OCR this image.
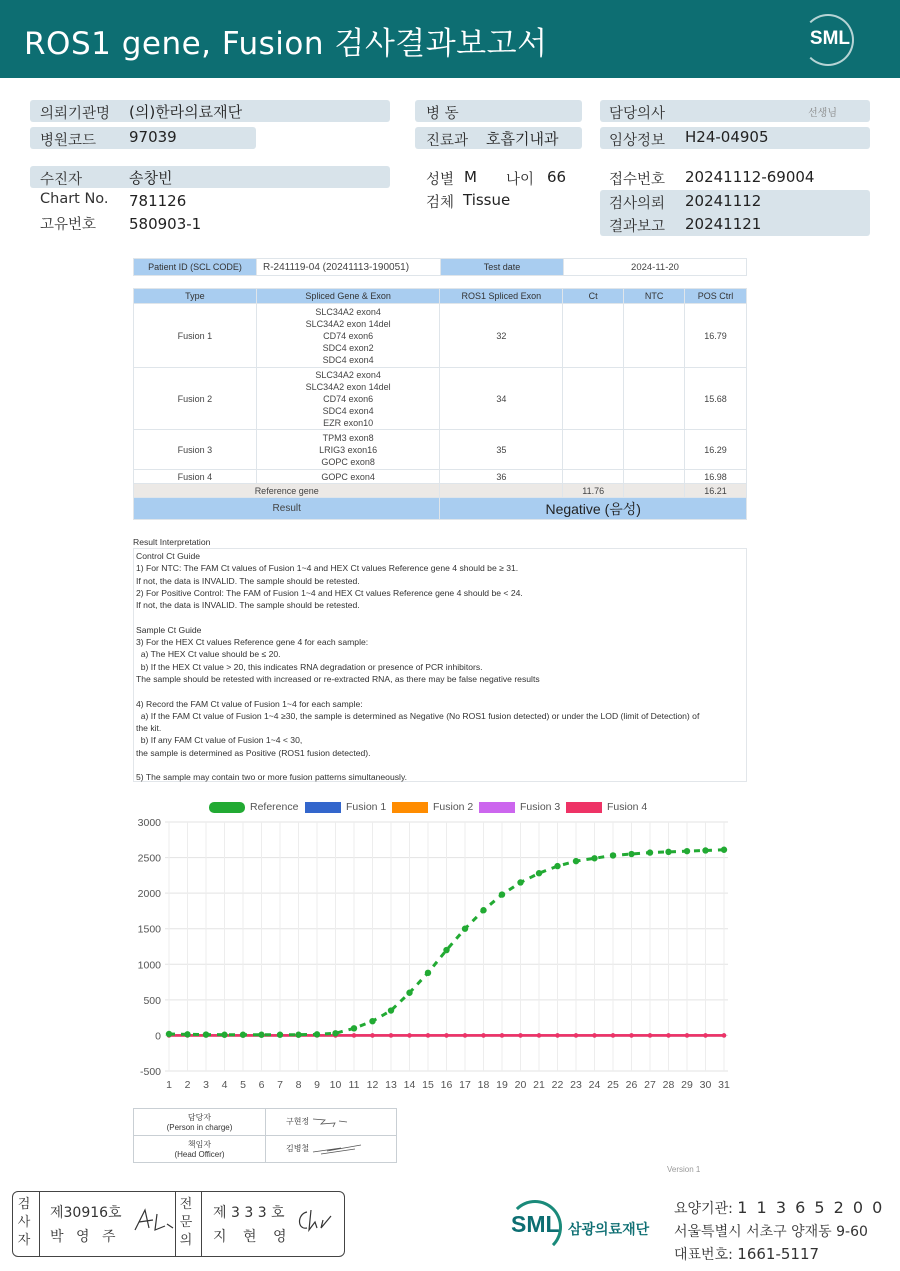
ROS1 gene, Fusion 검사결과보고서	SML
의뢰기관명 (의)한라의료재단
병원코드 97039
병 동
진료과 호흡기내과
담당의사	선생님
임상정보 H24-04905
수진자	송창빈
Chart No. 781126
고유번호 580903-1
성별 M 나이 66
검체 Tissue
접수번호 20241112-69004
검사의뢰 20241112
결과보고 20241121
Patient ID (SCL CODE)	R-241119-04 (20241113-190051)	Test date	2024-11-20
Type	Spliced Gene & Exon	ROS1 Spliced Exon	Ct	NTC	POS Ctrl
Fusion 1	SLC34A2 exon4
SLC34A2 exon 14del
CD74 exon6
SDC4 exon2
SDC4 exon4	32			16.79
Fusion 2	SLC34A2 exon4
SLC34A2 exon 14del
CD74 exon6
SDC4 exon4
EZR exon10	34			15.68
Fusion 3	TPM3 exon8
LRIG3 exon16
GOPC exon8	35			16.29
Fusion 4	GOPC exon4	36			16.98
Reference gene			11.76		16.21
Result		Negative (음성)			
Result Interpretation

Control Ct Guide
1) For NTC: The FAM Ct values of Fusion 1~4 and HEX Ct values Reference gene 4 should be ≥ 31.
If not, the data is INVALID. The sample should be retested.
2) For Positive Control: The FAM of Fusion 1~4 and HEX Ct values Reference gene 4 should be < 24.
If not, the data is INVALID. The sample should be retested.

Sample Ct Guide
3) For the HEX Ct values Reference gene 4 for each sample:
a) The HEX Ct value should be ≤ 20.
b) If the HEX Ct value > 20, this indicates RNA degradation or presence of PCR inhibitors.
The sample should be retested with increased or re-extracted RNA, as there may be false negative results

4) Record the FAM Ct value of Fusion 1~4 for each sample:
a) If the FAM Ct value of Fusion 1~4 ≥30, the sample is determined as Negative (No ROS1 fusion detected) or under the LOD (limit of Detection) of
the kit.
b) If any FAM Ct value of Fusion 1~4 < 30,
the sample is determined as Positive (ROS1 fusion detected).

5) The sample may contain two or more fusion patterns simultaneously.

Reference	Fusion 1	Fusion 2	Fusion 3	Fusion 4
3000
2500
2000
1500
1000
500
0
-500
1 2 3 4 5 6 7 8 9 10 11 12 13 14 15 16 17 18 19 20 21 22 23 24 25 26 27 28 29 30 31
담당자
(Person in charge)	구현정

책임자
(Head Officer)	김병철
Version 1
검사자
제30916호
박 영 주
전문의
제 3 3 3 호
지 현 영	SML 삼광의료재단
요양기관: 1 1 3 6 5 2 0 0
서울특별시 서초구 양재동 9-60
대표번호: 1661-5117
